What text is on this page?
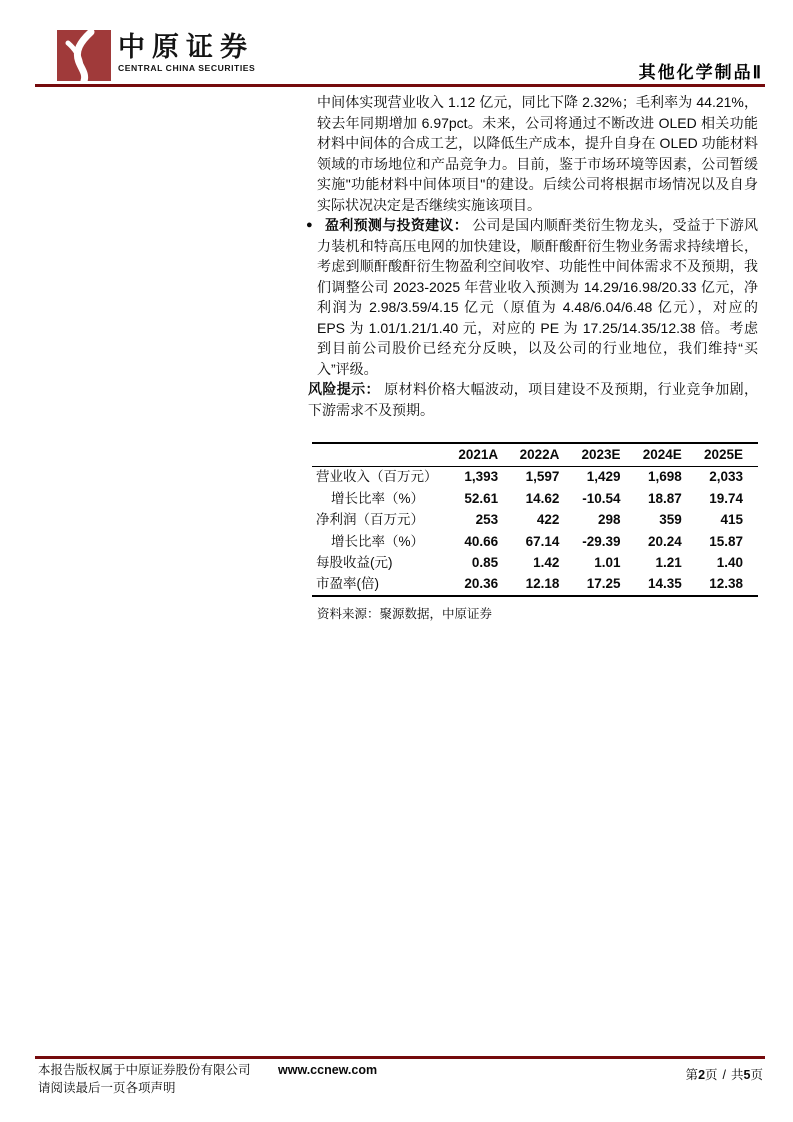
中原证券
CENTRAL CHINA SECURITIES	其他化学制品Ⅱ

中间体实现营业收入 1.12 亿元，同比下降 2.32%；毛利率为 44.21%，较去年同期增加 6.97pct。未来，公司将通过不断改进 OLED 相关功能材料中间体的合成工艺，以降低生产成本，提升自身在 OLED 功能材料领域的市场地位和产品竞争力。目前，鉴于市场环境等因素，公司暂缓实施"功能材料中间体项目"的建设。后续公司将根据市场情况以及自身实际状况决定是否继续实施该项目。

● 盈利预测与投资建议： 公司是国内顺酐类衍生物龙头，受益于下游风力装机和特高压电网的加快建设，顺酐酸酐衍生物业务需求持续增长，考虑到顺酐酸酐衍生物盈利空间收窄、功能性中间体需求不及预期，我们调整公司 2023-2025 年营业收入预测为 14.29/16.98/20.33 亿元，净利润为 2.98/3.59/4.15 亿元（原值为 4.48/6.04/6.48 亿元），对应的 EPS 为 1.01/1.21/1.40 元，对应的 PE 为 17.25/14.35/12.38 倍。考虑到目前公司股价已经充分反映，以及公司的行业地位，我们维持“买入”评级。

风险提示： 原材料价格大幅波动，项目建设不及预期，行业竞争加剧，下游需求不及预期。

	2021A	2022A	2023E	2024E	2025E
营业收入（百万元）	1,393	1,597	1,429	1,698	2,033
增长比率（%）	52.61	14.62	-10.54	18.87	19.74
净利润（百万元）	253	422	298	359	415
增长比率（%）	40.66	67.14	-29.39	20.24	15.87
每股收益(元)	0.85	1.42	1.01	1.21	1.40
市盈率(倍)	20.36	12.18	17.25	14.35	12.38
资料来源：聚源数据，中原证券
本报告版权属于中原证券股份有限公司 www.ccnew.com
请阅读最后一页各项声明
第2页 / 共5页
